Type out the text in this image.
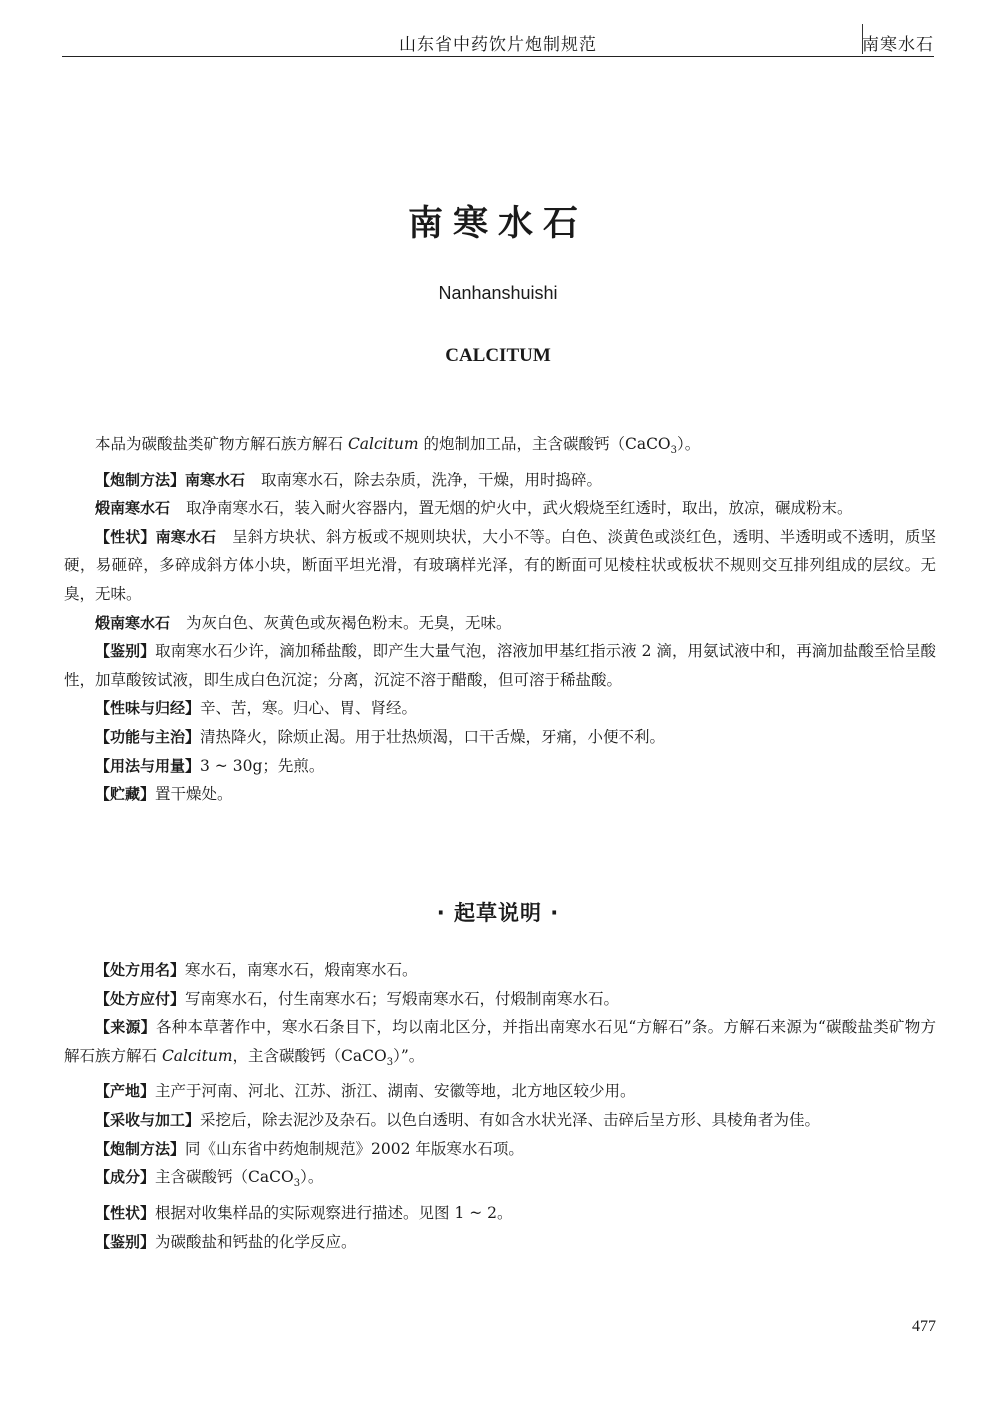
山东省中药饮片炮制规范	南寒水石
南寒水石
Nanhanshuishi
CALCITUM

本品为碳酸盐类矿物方解石族方解石 Calcitum 的炮制加工品，主含碳酸钙（CaCO$_3$）。

【炮制方法】南寒水石 取南寒水石，除去杂质，洗净，干燥，用时捣碎。

煅南寒水石 取净南寒水石，装入耐火容器内，置无烟的炉火中，武火煅烧至红透时，取出，放凉，碾成粉末。

【性状】南寒水石 呈斜方块状、斜方板或不规则块状，大小不等。白色、淡黄色或淡红色，透明、半透明或不透明，质坚硬，易砸碎，多碎成斜方体小块，断面平坦光滑，有玻璃样光泽，有的断面可见棱柱状或板状不规则交互排列组成的层纹。无臭，无味。

煅南寒水石 为灰白色、灰黄色或灰褐色粉末。无臭，无味。

【鉴别】取南寒水石少许，滴加稀盐酸，即产生大量气泡，溶液加甲基红指示液 2 滴，用氨试液中和，再滴加盐酸至恰呈酸性，加草酸铵试液，即生成白色沉淀；分离，沉淀不溶于醋酸，但可溶于稀盐酸。

【性味与归经】辛、苦，寒。归心、胃、肾经。

【功能与主治】清热降火，除烦止渴。用于壮热烦渴，口干舌燥，牙痛，小便不利。

【用法与用量】3 ~ 30g；先煎。

【贮藏】置干燥处。

· 起草说明 ·

【处方用名】寒水石，南寒水石，煅南寒水石。

【处方应付】写南寒水石，付生南寒水石；写煅南寒水石，付煅制南寒水石。

【来源】各种本草著作中，寒水石条目下，均以南北区分，并指出南寒水石见“方解石”条。方解石来源为“碳酸盐类矿物方解石族方解石 Calcitum，主含碳酸钙（CaCO$_3$）”。

【产地】主产于河南、河北、江苏、浙江、湖南、安徽等地，北方地区较少用。

【采收与加工】采挖后，除去泥沙及杂石。以色白透明、有如含水状光泽、击碎后呈方形、具棱角者为佳。

【炮制方法】同《山东省中药炮制规范》2002 年版寒水石项。

【成分】主含碳酸钙（CaCO$_3$）。

【性状】根据对收集样品的实际观察进行描述。见图 1 ~ 2。

【鉴别】为碳酸盐和钙盐的化学反应。

477
